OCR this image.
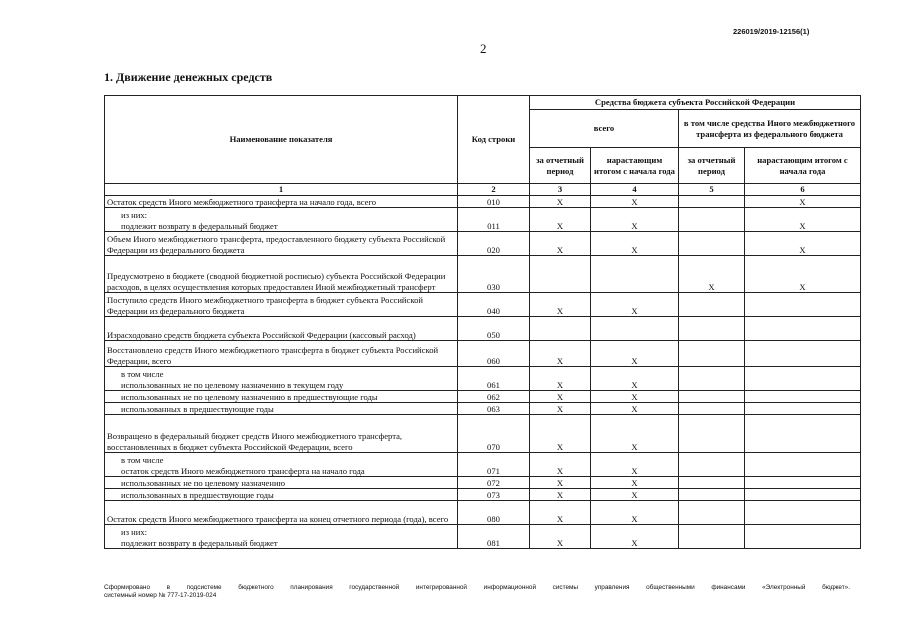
226019/2019-12156(1)
2
1. Движение денежных средств
Наименование показателя	Код строки	Средства бюджета субъекта Российской Федерации			
		всего		в том числе средства Иного межбюджетного трансферта из федерального бюджета	
		за отчетный период	нарастающим итогом с начала года	за отчетный период	нарастающим итогом с начала года
1	2	3	4	5	6
Остаток средств Иного межбюджетного трансферта на начало года, всего	010	X	X		X
из них:
подлежит возврату в федеральный бюджет	011	X	X		X
Объем Иного межбюджетного трансферта, предоставленного бюджету субъекта Российской Федерации из федерального бюджета	020	X	X		X
Предусмотрено в бюджете (сводной бюджетной росписью) субъекта Российской Федерации расходов, в целях осуществления которых предоставлен Иной межбюджетный трансферт	030			X	X
Поступило средств Иного межбюджетного трансферта в бюджет субъекта Российской Федерации из федерального бюджета	040	X	X		
Израсходовано средств бюджета субъекта Российской Федерации (кассовый расход)	050				
Восстановлено средств Иного межбюджетного трансферта в бюджет субъекта Российской Федерации, всего	060	X	X		
в том числе
использованных не по целевому назначению в текущем году	061	X	X		
использованных не по целевому назначению в предшествующие годы	062	X	X		
использованных в предшествующие годы	063	X	X		
Возвращено в федеральный бюджет средств Иного межбюджетного трансферта, восстановленных в бюджет субъекта Российской Федерации, всего	070	X	X		
в том числе
остаток средств Иного межбюджетного трансферта на начало года	071	X	X		
использованных не по целевому назначению	072	X	X		
использованных в предшествующие годы	073	X	X		
Остаток средств Иного межбюджетного трансферта на конец отчетного периода (года), всего	080	X	X		
из них:
подлежит возврату в федеральный бюджет	081	X	X		
Сформировано в подсистеме бюджетного планирования государственной интегрированной информационной системы управления общественными финансами «Электронный бюджет».
системный номер № 777-17-2019-024
